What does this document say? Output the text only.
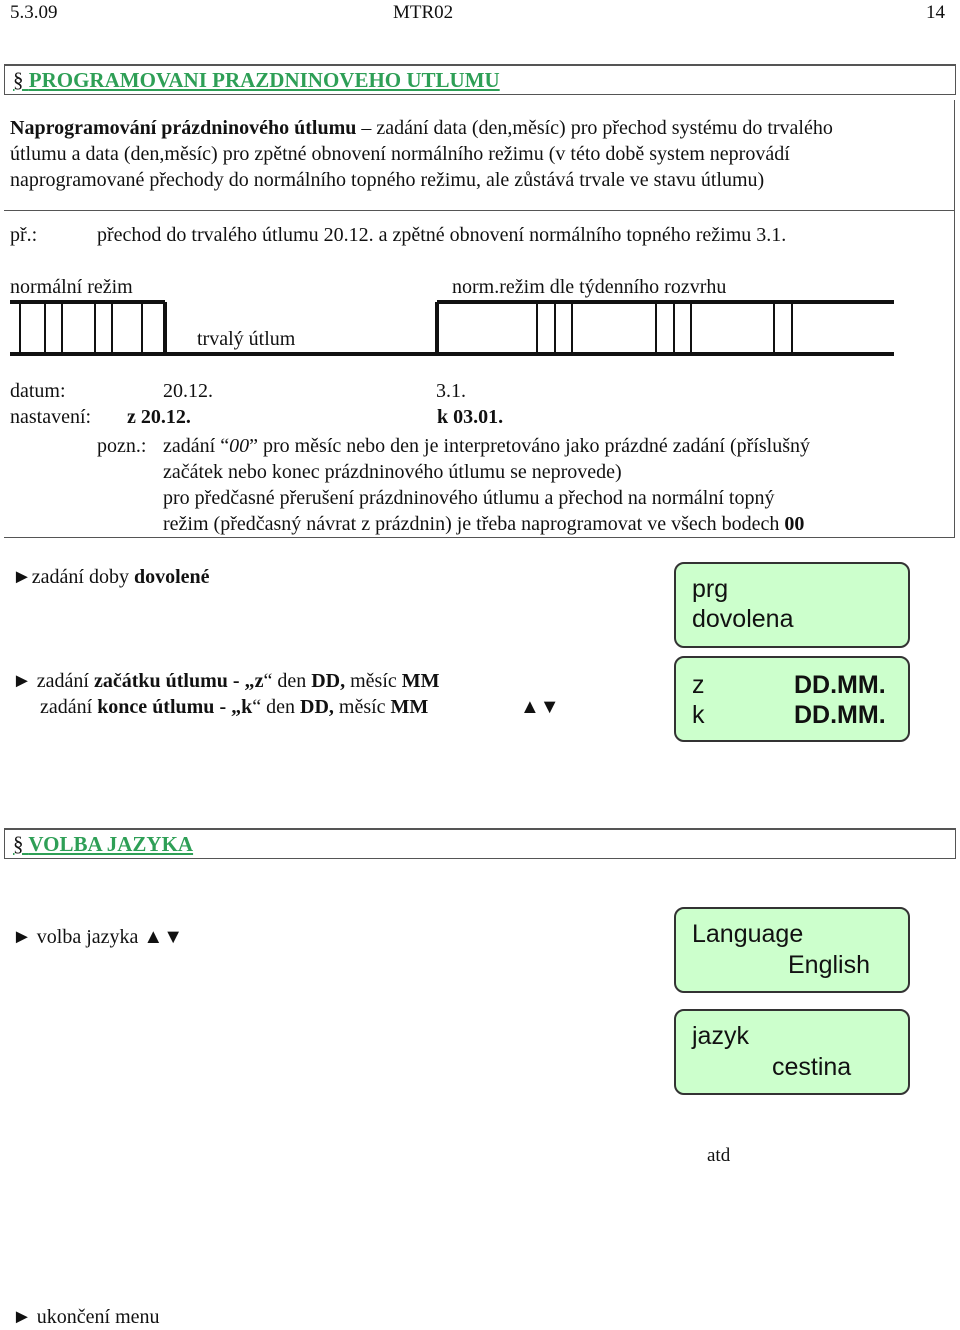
5.3.09	MTR02	14
§ PROGRAMOVANI PRAZDNINOVEHO UTLUMU
Naprogramování prázdninového útlumu – zadání data (den,měsíc) pro přechod systému do trvalého
útlumu a data (den,měsíc) pro zpětné obnovení normálního režimu (v této době system neprovádí
naprogramované přechody do normálního topného režimu, ale zůstává trvale ve stavu útlumu)
př.:	přechod do trvalého útlumu 20.12. a zpětné obnovení normálního topného režimu 3.1.
normální režim	norm.režim dle týdenního rozvrhu
trvalý útlum
datum:	20.12.	3.1.
nastavení: z 20.12.	k 03.01.
pozn.: zadání “00” pro měsíc nebo den je interpretováno jako prázdné zadání (příslušný
začátek nebo konec prázdninového útlumu se neprovede)
pro předčasné přerušení prázdninového útlumu a přechod na normální topný
režim (předčasný návrat z prázdnin) je třeba naprogramovat ve všech bodech 00
►zadání doby dovolené
► zadání začátku útlumu - „z“ den DD, měsíc MM
zadání konce útlumu - „k“ den DD, měsíc MM	▲▼
prg
dovolena
z	DD.MM.
k	DD.MM.
§ VOLBA JAZYKA
► volba jazyka ▲▼	Language
English
jazyk
cestina
atd
► ukončení menu
